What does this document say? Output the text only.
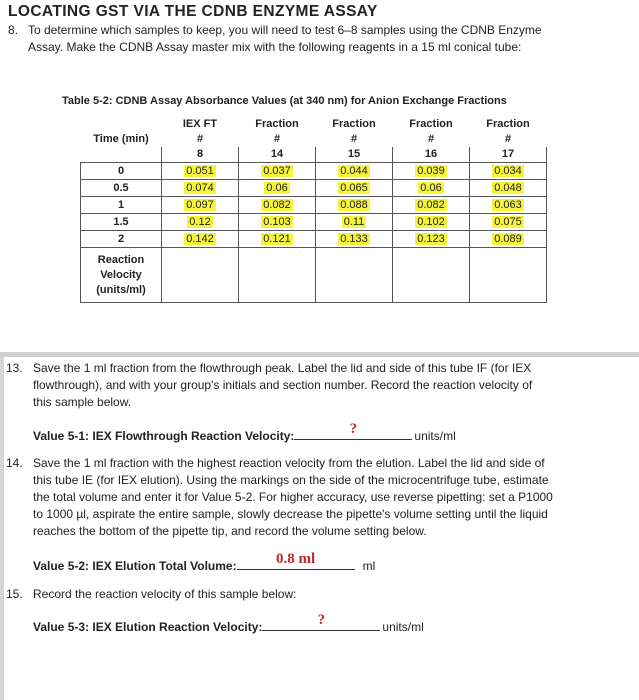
LOCATING GST VIA THE CDNB ENZYME ASSAY
8. To determine which samples to keep, you will need to test 6–8 samples using the CDNB Enzyme
Assay. Make the CDNB Assay master mix with the following reagents in a 15 ml conical tube:
Table 5-2: CDNB Assay Absorbance Values (at 340 nm) for Anion Exchange Fractions
	IEX FT	Fraction	Fraction	Fraction	Fraction
Time (min)	#	#	#	#	#
	8	14	15	16	17
0	0.051	0.037	0.044	0.039	0.034
0.5	0.074	0.06	0.065	0.06	0.048
1	0.097	0.082	0.088	0.082	0.063
1.5	0.12	0.103	0.11	0.102	0.075
2	0.142	0.121	0.133	0.123	0.089

Reaction
Velocity
(units/ml)					

13. Save the 1 ml fraction from the flowthrough peak. Label the lid and side of this tube IF (for IEX
flowthrough), and with your group's initials and section number. Record the reaction velocity of
this sample below.
Value 5-1: IEX Flowthrough Reaction Velocity:	?	units/ml
14. Save the 1 ml fraction with the highest reaction velocity from the elution. Label the lid and side of
this tube IE (for IEX elution). Using the markings on the side of the microcentrifuge tube, estimate
the total volume and enter it for Value 5-2. For higher accuracy, use reverse pipetting: set a P1000
to 1000 µl, aspirate the entire sample, slowly decrease the pipette's volume setting until the liquid
reaches the bottom of the pipette tip, and record the volume setting below.
Value 5-2: IEX Elution Total Volume:	0.8 ml	ml
15. Record the reaction velocity of this sample below:
Value 5-3: IEX Elution Reaction Velocity:	?	units/ml
